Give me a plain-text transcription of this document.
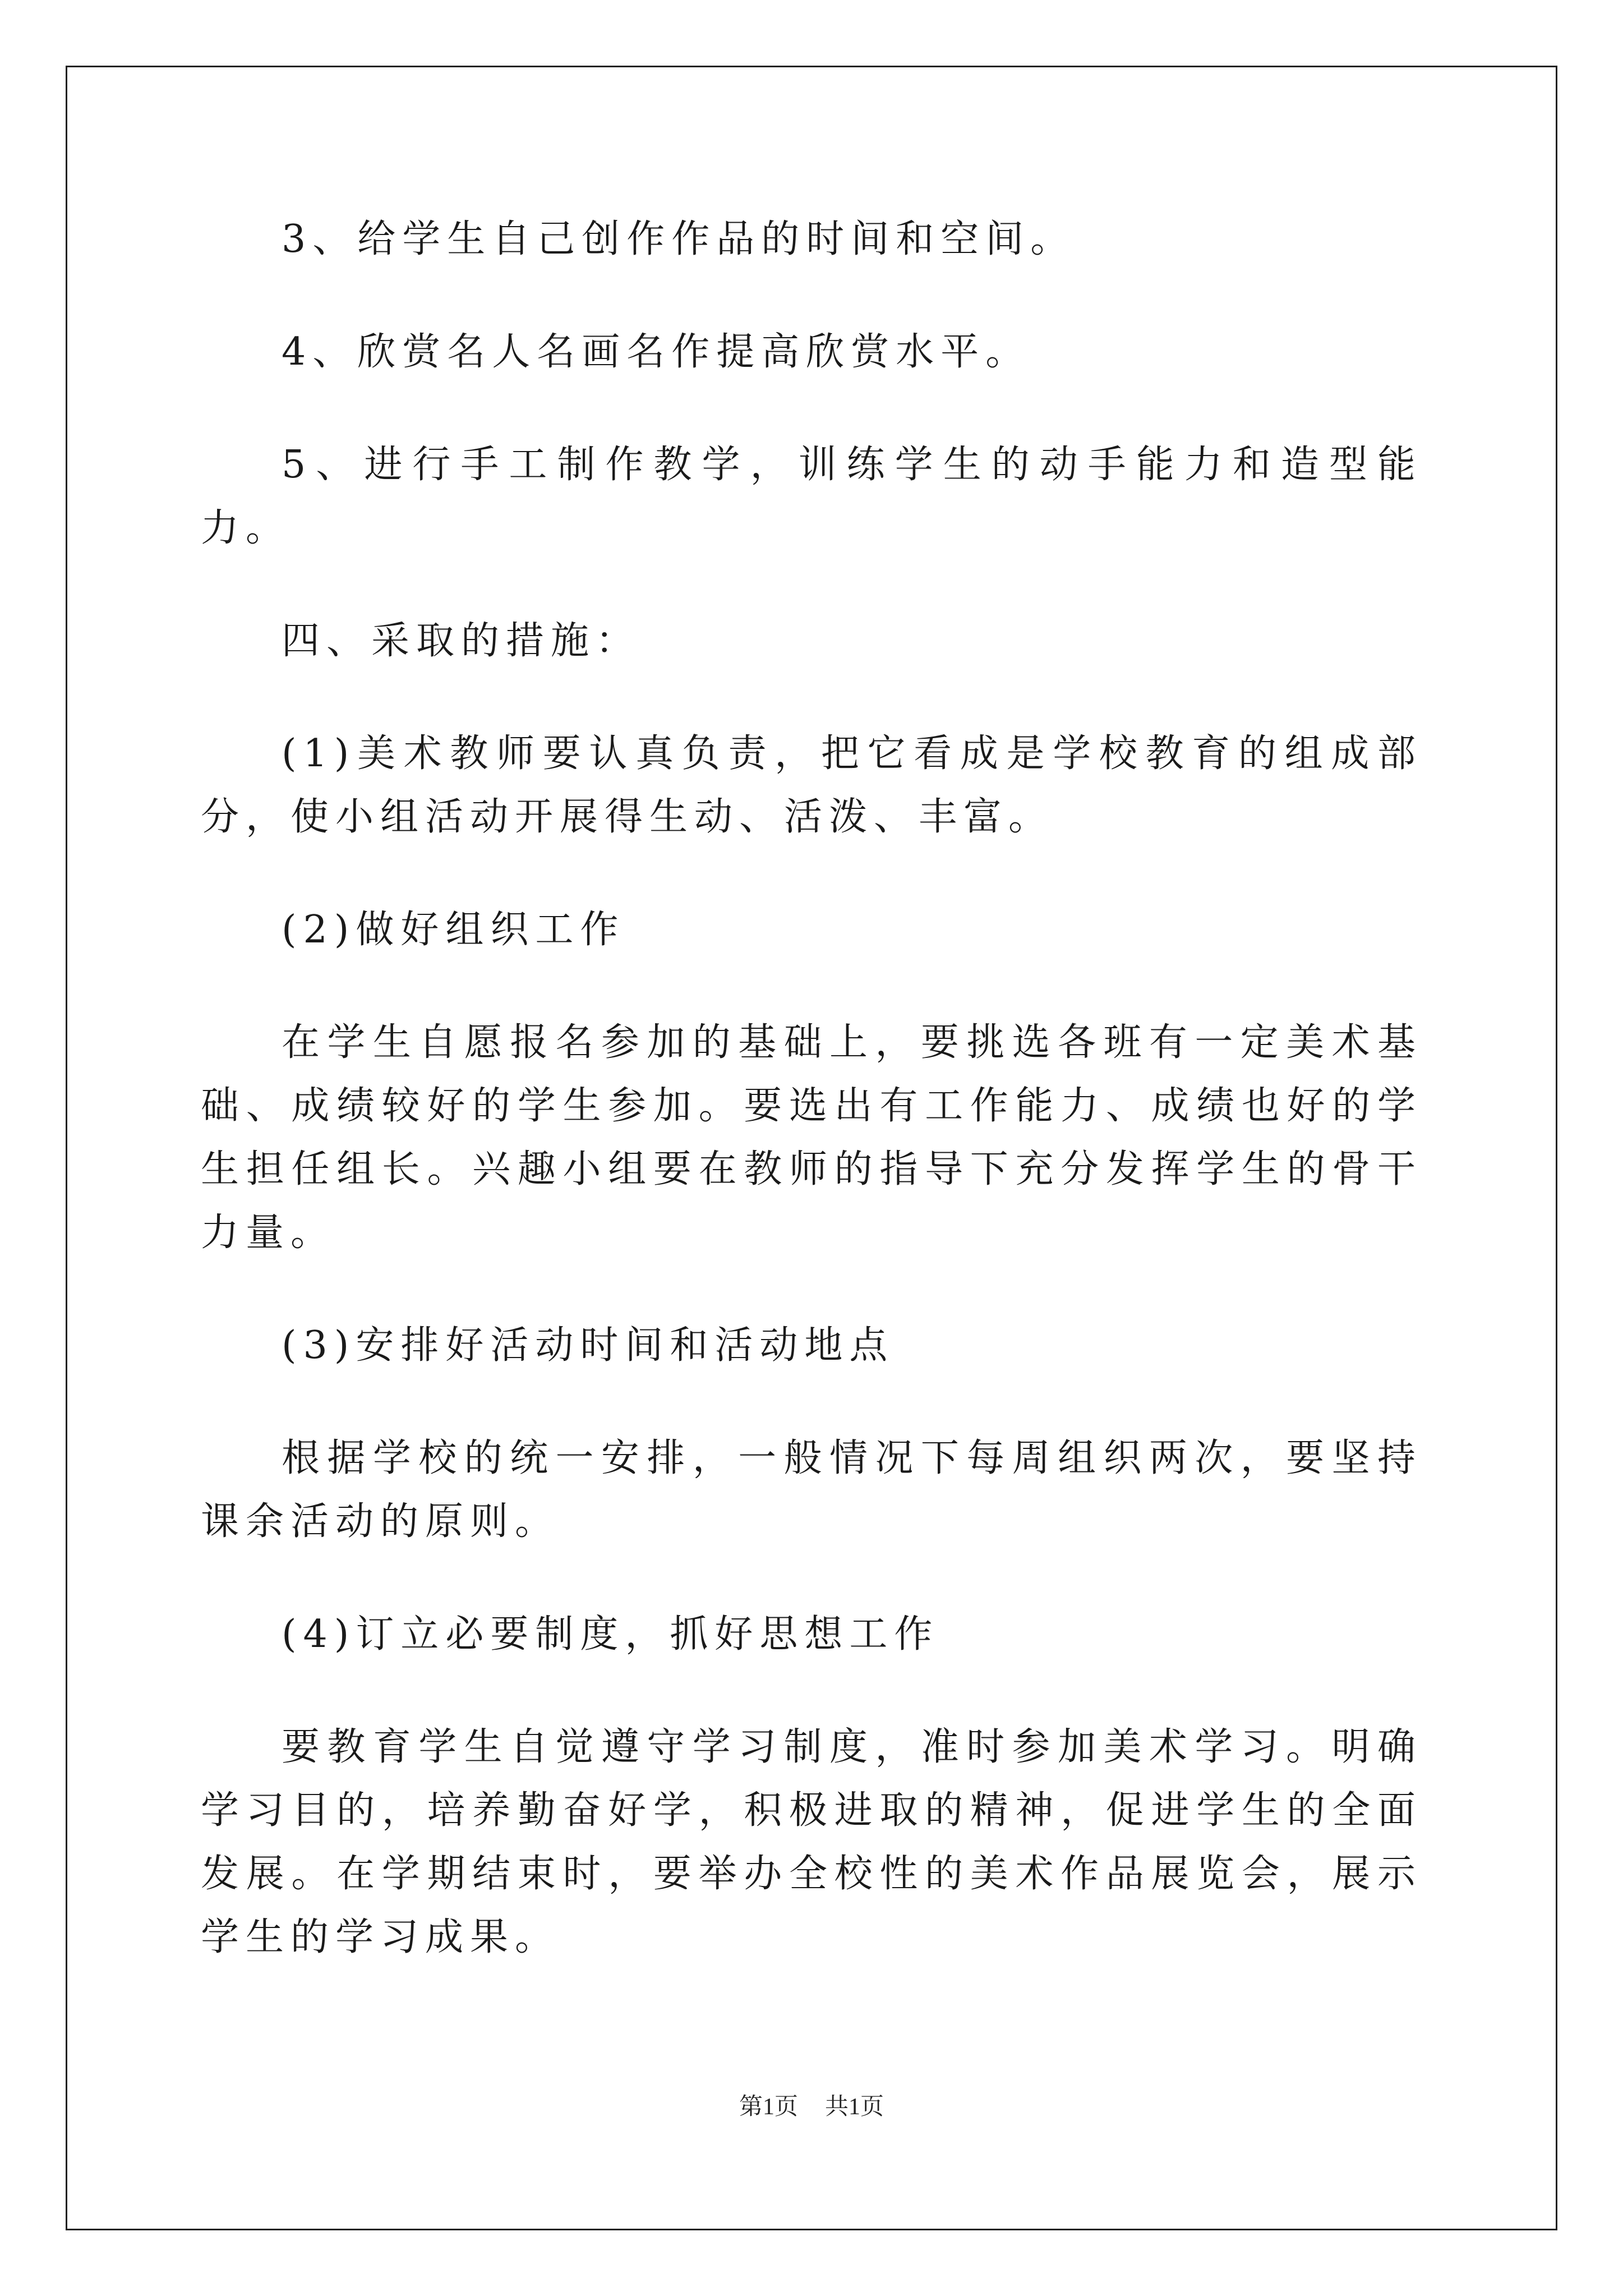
3、给学生自己创作作品的时间和空间。

4、欣赏名人名画名作提高欣赏水平。

5、进行手工制作教学，训练学生的动手能力和造型能力。

四、采取的措施：

(1)美术教师要认真负责，把它看成是学校教育的组成部分，使小组活动开展得生动、活泼、丰富。

(2)做好组织工作

在学生自愿报名参加的基础上，要挑选各班有一定美术基础、成绩较好的学生参加。要选出有工作能力、成绩也好的学生担任组长。兴趣小组要在教师的指导下充分发挥学生的骨干力量。

(3)安排好活动时间和活动地点

根据学校的统一安排，一般情况下每周组织两次，要坚持课余活动的原则。

(4)订立必要制度，抓好思想工作

要教育学生自觉遵守学习制度，准时参加美术学习。明确学习目的，培养勤奋好学，积极进取的精神，促进学生的全面发展。在学期结束时，要举办全校性的美术作品展览会，展示学生的学习成果。

第1页 共1页
